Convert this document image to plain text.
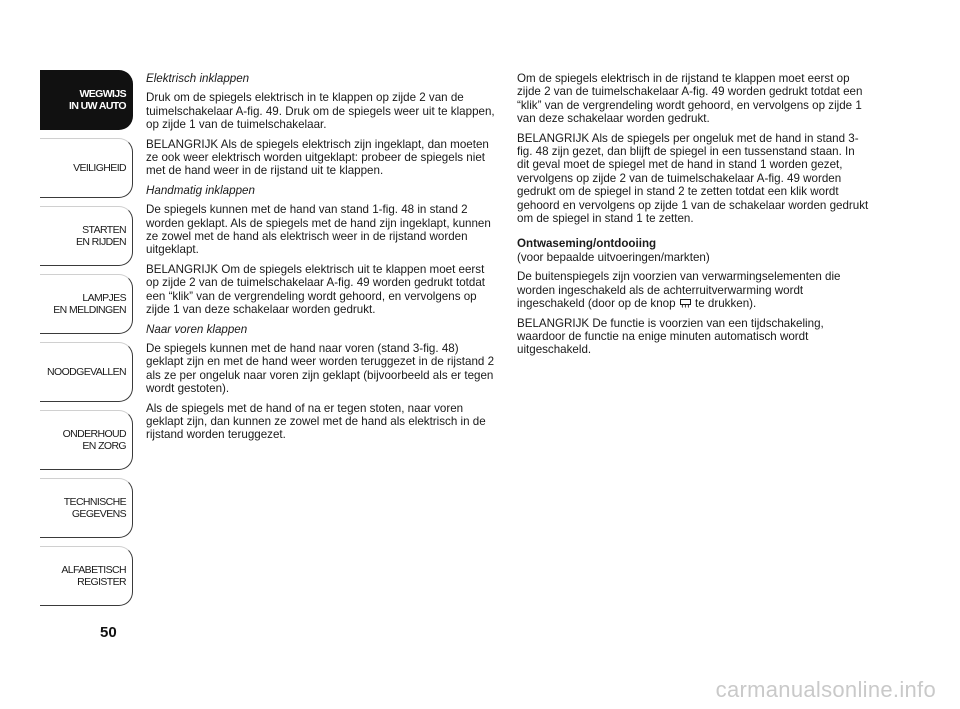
WEGWIJS
IN UW AUTO
VEILIGHEID
STARTEN
EN RIJDEN
LAMPJES
EN MELDINGEN
NOODGEVALLEN
ONDERHOUD
EN ZORG
TECHNISCHE
GEGEVENS
ALFABETISCH
REGISTER
50

Elektrisch inklappen

Druk om de spiegels elektrisch in te klappen op zijde 2 van de tuimelschakelaar A-fig. 49. Druk om de spiegels weer uit te klappen, op zijde 1 van de tuimelschakelaar.

BELANGRIJK Als de spiegels elektrisch zijn ingeklapt, dan moeten ze ook weer elektrisch worden uitgeklapt: probeer de spiegels niet met de hand weer in de rijstand uit te klappen.

Handmatig inklappen

De spiegels kunnen met de hand van stand 1-fig. 48 in stand 2 worden geklapt. Als de spiegels met de hand zijn ingeklapt, kunnen ze zowel met de hand als elektrisch weer in de rijstand worden uitgeklapt.

BELANGRIJK Om de spiegels elektrisch uit te klappen moet eerst op zijde 2 van de tuimelschakelaar A-fig. 49 worden gedrukt totdat een “klik” van de vergrendeling wordt gehoord, en vervolgens op zijde 1 van deze schakelaar worden gedrukt.

Naar voren klappen

De spiegels kunnen met de hand naar voren (stand 3-fig. 48) geklapt zijn en met de hand weer worden teruggezet in de rijstand 2 als ze per ongeluk naar voren zijn geklapt (bijvoorbeeld als er tegen wordt gestoten).

Als de spiegels met de hand of na er tegen stoten, naar voren geklapt zijn, dan kunnen ze zowel met de hand als elektrisch in de rijstand worden teruggezet.

Om de spiegels elektrisch in de rijstand te klappen moet eerst op zijde 2 van de tuimelschakelaar A-fig. 49 worden gedrukt totdat een “klik” van de vergrendeling wordt gehoord, en vervolgens op zijde 1 van deze schakelaar worden gedrukt.

BELANGRIJK Als de spiegels per ongeluk met de hand in stand 3-fig. 48 zijn gezet, dan blijft de spiegel in een tussenstand staan. In dit geval moet de spiegel met de hand in stand 1 worden gezet, vervolgens op zijde 2 van de tuimelschakelaar A-fig. 49 worden gedrukt om de spiegel in stand 2 te zetten totdat een klik wordt gehoord en vervolgens op zijde 1 van de schakelaar worden gedrukt om de spiegel in stand 1 te zetten.

Ontwaseming/ontdooiing

(voor bepaalde uitvoeringen/markten)

De buitenspiegels zijn voorzien van verwarmingselementen die worden ingeschakeld als de achterruitverwarming wordt ingeschakeld (door op de knop te drukken).

BELANGRIJK De functie is voorzien van een tijdschakeling, waardoor de functie na enige minuten automatisch wordt uitgeschakeld.

carmanualsonline.info
